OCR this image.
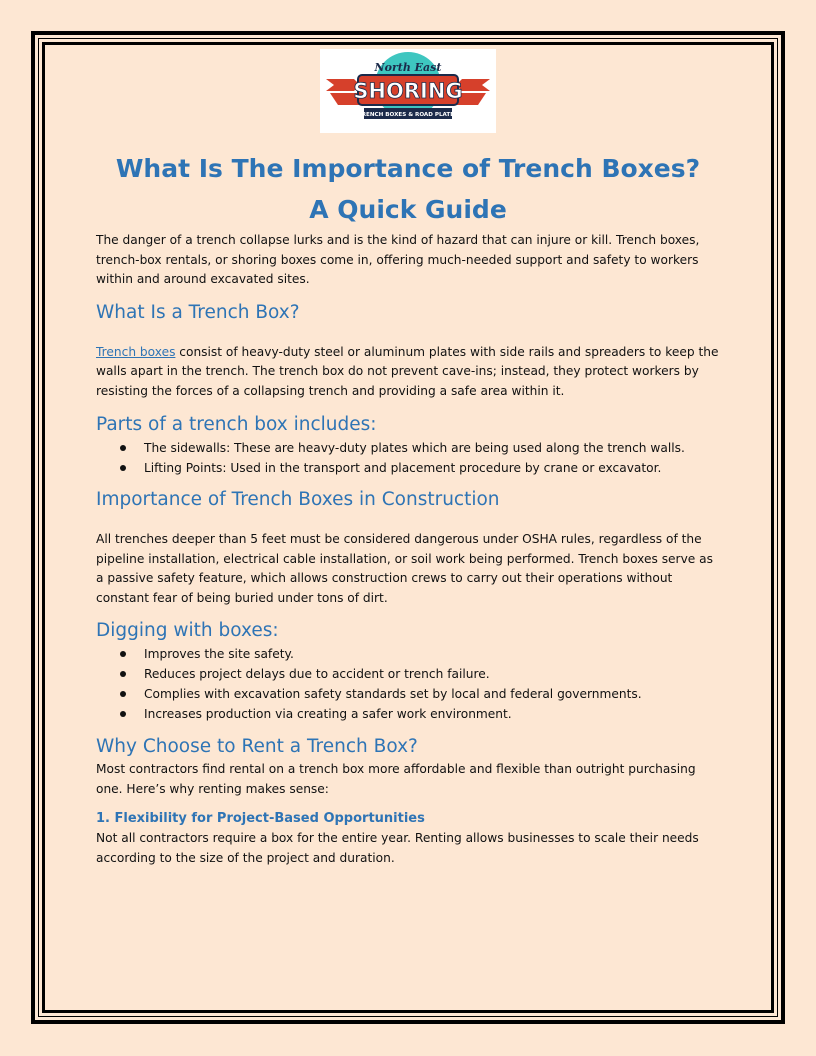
North East
SHORING
TRENCH BOXES & ROAD PLATES
What Is The Importance of Trench Boxes?
A Quick Guide

The danger of a trench collapse lurks and is the kind of hazard that can injure or kill. Trench boxes, trench-box rentals, or shoring boxes come in, offering much-needed support and safety to workers within and around excavated sites.

What Is a Trench Box?

Trench boxes consist of heavy-duty steel or aluminum plates with side rails and spreaders to keep the walls apart in the trench. The trench box do not prevent cave-ins; instead, they protect workers by resisting the forces of a collapsing trench and providing a safe area within it.

Parts of a trench box includes:
The sidewalls: These are heavy-duty plates which are being used along the trench walls.
Lifting Points: Used in the transport and placement procedure by crane or excavator.
Importance of Trench Boxes in Construction

All trenches deeper than 5 feet must be considered dangerous under OSHA rules, regardless of the pipeline installation, electrical cable installation, or soil work being performed. Trench boxes serve as a passive safety feature, which allows construction crews to carry out their operations without constant fear of being buried under tons of dirt.

Digging with boxes:
Improves the site safety.
Reduces project delays due to accident or trench failure.
Complies with excavation safety standards set by local and federal governments.
Increases production via creating a safer work environment.
Why Choose to Rent a Trench Box?

Most contractors find rental on a trench box more affordable and flexible than outright purchasing one. Here’s why renting makes sense:

1. Flexibility for Project-Based Opportunities

Not all contractors require a box for the entire year. Renting allows businesses to scale their needs according to the size of the project and duration.
